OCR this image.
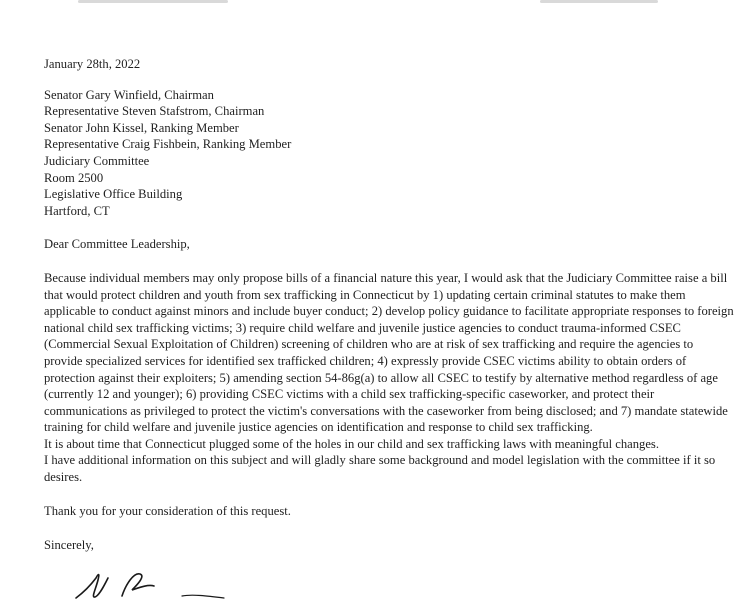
January 28th, 2022
Senator Gary Winfield, Chairman
Representative Steven Stafstrom, Chairman
Senator John Kissel, Ranking Member
Representative Craig Fishbein, Ranking Member
Judiciary Committee
Room 2500
Legislative Office Building
Hartford, CT
Dear Committee Leadership,

Because individual members may only propose bills of a financial nature this year, I would ask that the Judiciary Committee raise a bill that would protect children and youth from sex trafficking in Connecticut by 1) updating certain criminal statutes to make them applicable to conduct against minors and include buyer conduct; 2) develop policy guidance to facilitate appropriate responses to foreign national child sex trafficking victims; 3) require child welfare and juvenile justice agencies to conduct trauma-informed CSEC (Commercial Sexual Exploitation of Children) screening of children who are at risk of sex trafficking and require the agencies to provide specialized services for identified sex trafficked children; 4) expressly provide CSEC victims ability to obtain orders of protection against their exploiters; 5) amending section 54-86g(a) to allow all CSEC to testify by alternative method regardless of age (currently 12 and younger); 6) providing CSEC victims with a child sex trafficking-specific caseworker, and protect their communications as privileged to protect the victim's conversations with the caseworker from being disclosed; and 7) mandate statewide training for child welfare and juvenile justice agencies on identification and response to child sex trafficking.

It is about time that Connecticut plugged some of the holes in our child and sex trafficking laws with meaningful changes.

I have additional information on this subject and will gladly share some background and model legislation with the committee if it so desires.

Thank you for your consideration of this request.
Sincerely,
